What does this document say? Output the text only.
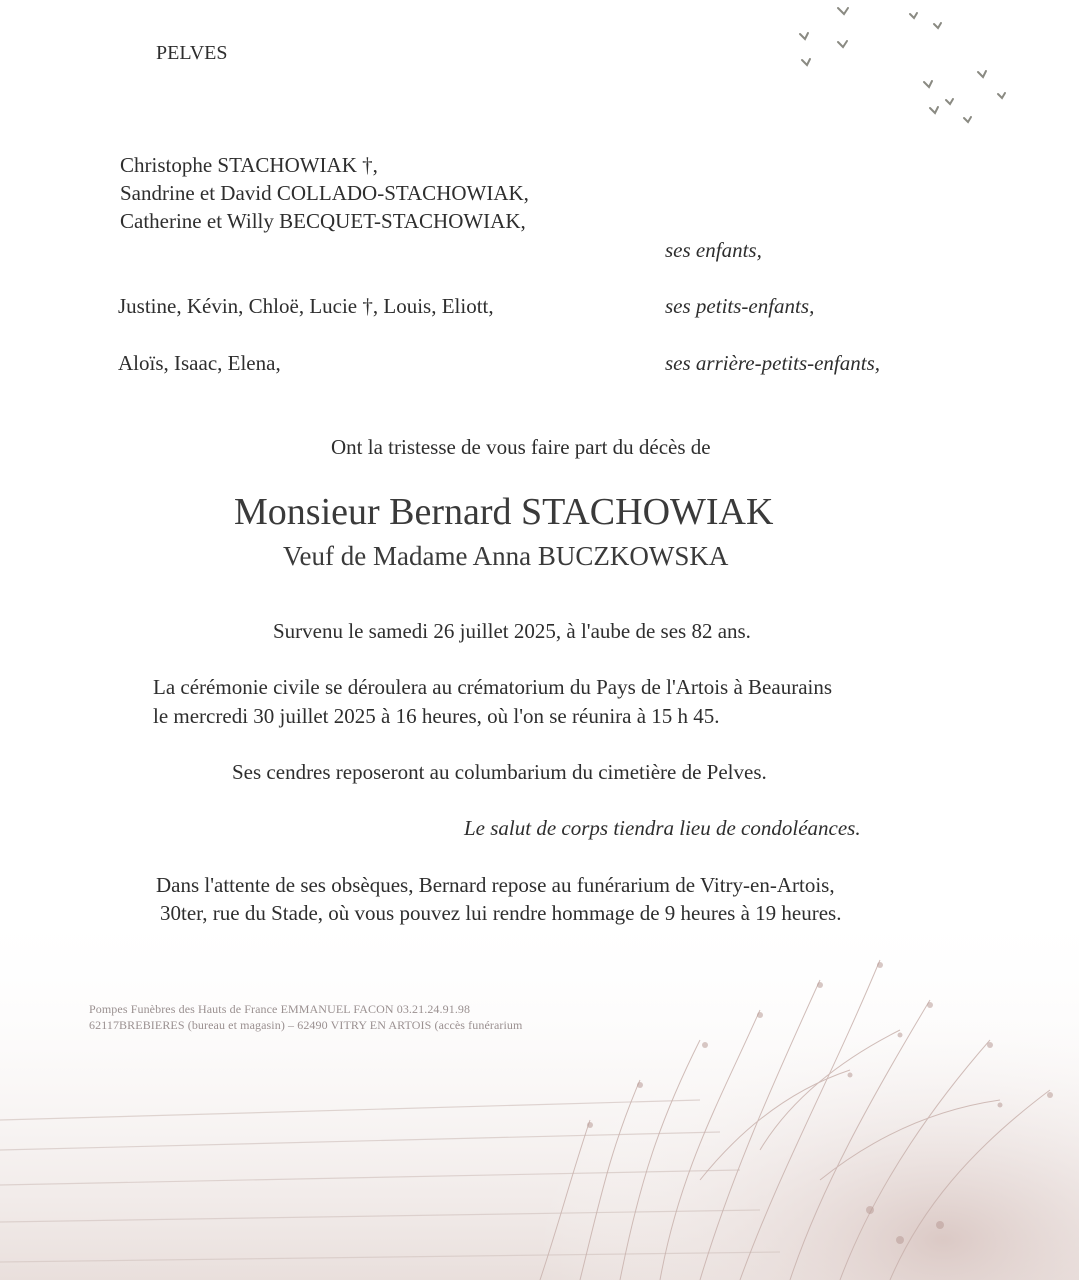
PELVES
Christophe STACHOWIAK †,
Sandrine et David COLLADO-STACHOWIAK,
Catherine et Willy BECQUET-STACHOWIAK,
ses enfants,
Justine, Kévin, Chloë, Lucie †, Louis, Eliott,	ses petits-enfants,
Aloïs, Isaac, Elena,	ses arrière-petits-enfants,
Ont la tristesse de vous faire part du décès de
Monsieur Bernard STACHOWIAK
Veuf de Madame Anna BUCZKOWSKA
Survenu le samedi 26 juillet 2025, à l'aube de ses 82 ans.
La cérémonie civile se déroulera au crématorium du Pays de l'Artois à Beaurains
le mercredi 30 juillet 2025 à 16 heures, où l'on se réunira à 15 h 45.
Ses cendres reposeront au columbarium du cimetière de Pelves.
Le salut de corps tiendra lieu de condoléances.
Dans l'attente de ses obsèques, Bernard repose au funérarium de Vitry-en-Artois,
30ter, rue du Stade, où vous pouvez lui rendre hommage de 9 heures à 19 heures.
Pompes Funèbres des Hauts de France EMMANUEL FACON 03.21.24.91.98
62117BREBIERES (bureau et magasin) – 62490 VITRY EN ARTOIS (accès funérarium
